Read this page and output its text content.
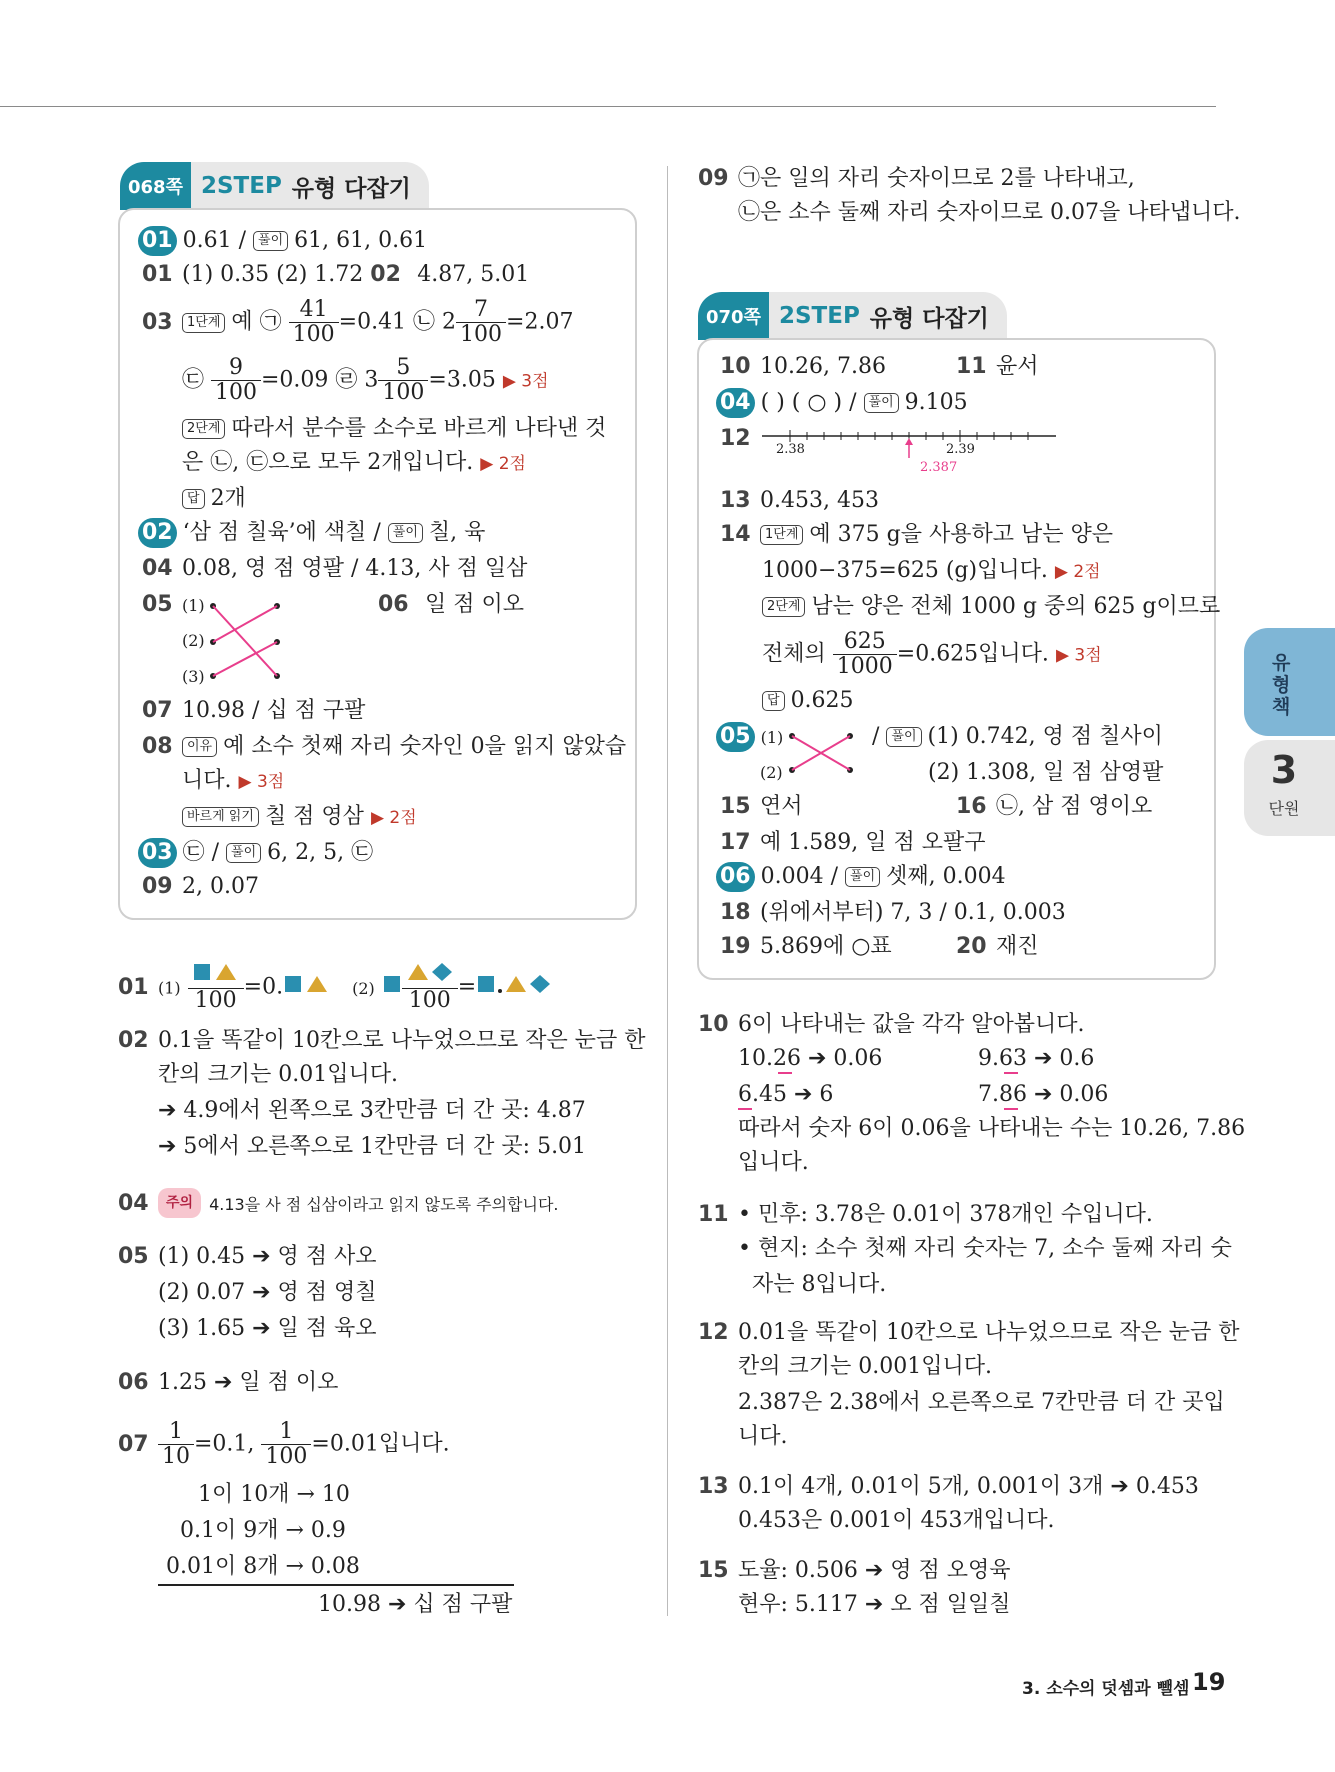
068쪽 2STEP 유형 다잡기
01 0.61 / 풀이 61, 61, 0.61
01 (1) 0.35 (2) 1.72 02 4.87, 5.01
03 1단계 예 ㉠ $\frac{41}{100} =0.41$ ㉡ $2 \frac{7}{100} =2.07$
㉢ $\frac{9}{100} =0.09$ ㉣ $3 \frac{5}{100} =3.05$ ▶ 3점
2단계 따라서 분수를 소수로 바르게 나타낸 것
은 ㉡, ㉢으로 모두 2개입니다. ▶ 2점
답 2개
02 ‘삼 점 칠육’에 색칠 / 풀이 칠, 육
04 0.08, 영 점 영팔 / 4.13, 사 점 일삼
05 (1)	06 일 점 이오
(2)
(3)
07 10.98 / 십 점 구팔
08 이유 예 소수 첫째 자리 숫자인 0을 읽지 않았습
니다. ▶ 3점
바르게 읽기 칠 점 영삼 ▶ 2점
03 ㉢ / 풀이 6, 2, 5, ㉢
09 2, 0.07
01 (1) 100
=0.	(2)	100
=
02 0.1을 똑같이 10칸으로 나누었으므로 작은 눈금 한
칸의 크기는 0.01입니다.
➔ 4.9에서 왼쪽으로 3칸만큼 더 간 곳: 4.87
➔ 5에서 오른쪽으로 1칸만큼 더 간 곳: 5.01
04 주의 4.13을 사 점 십삼이라고 읽지 않도록 주의합니다.
05 (1) 0.45 ➔ 영 점 사오
(2) 0.07 ➔ 영 점 영칠
(3) 1.65 ➔ 일 점 육오
06 1.25 ➔ 일 점 이오
$07 \frac{1}{10} =0.1$, $\frac{1}{100} =0.01$입니다.
1이 10개 → 10
0.1이 9개 → 0.9
0.01이 8개 → 0.08
10.98 ➔ 십 점 구팔
09 ㉠은 일의 자리 숫자이므로 2를 나타내고,
㉡은 소수 둘째 자리 숫자이므로 0.07을 나타냅니다.
070쪽 2STEP 유형 다잡기
10 10.26, 7.86	11 윤서
04 ( ) ( ○ ) / 풀이 9.105
12	2.38	2.39
2.387
13 0.453, 453
14 1단계 예 375 g을 사용하고 남는 양은
1000−375=625 (g)입니다. ▶ 2점
2단계 남는 양은 전체 1000 g 중의 625 g이므로
전체의 $\frac{625}{1000} =0.625$입니다. ▶ 3점
답 0.625
05 (1)
(2)
/ 풀이 (1) 0.742, 영 점 칠사이
(2) 1.308, 일 점 삼영팔
15 연서	16 ㉡, 삼 점 영이오
17 예 1.589, 일 점 오팔구
06 0.004 / 풀이 셋째, 0.004
18 (위에서부터) 7, 3 / 0.1, 0.003
19 5.869에 ○표	20 재진
10 6이 나타내는 값을 각각 알아봅니다.
10.26 ➔ 0.06	9.63 ➔ 0.6
6.45 ➔ 6	7.86 ➔ 0.06
따라서 숫자 6이 0.06을 나타내는 수는 10.26, 7.86
입니다.
11 • 민후: 3.78은 0.01이 378개인 수입니다.
• 현지: 소수 첫째 자리 숫자는 7, 소수 둘째 자리 숫
자는 8입니다.
12 0.01을 똑같이 10칸으로 나누었으므로 작은 눈금 한
칸의 크기는 0.001입니다.
2.387은 2.38에서 오른쪽으로 7칸만큼 더 간 곳입
니다.
13 0.1이 4개, 0.01이 5개, 0.001이 3개 ➔ 0.453
0.453은 0.001이 453개입니다.
15 도율: 0.506 ➔ 영 점 오영육
현우: 5.117 ➔ 오 점 일일칠
유형책
3
단원
3. 소수의 덧셈과 뺄셈 19
